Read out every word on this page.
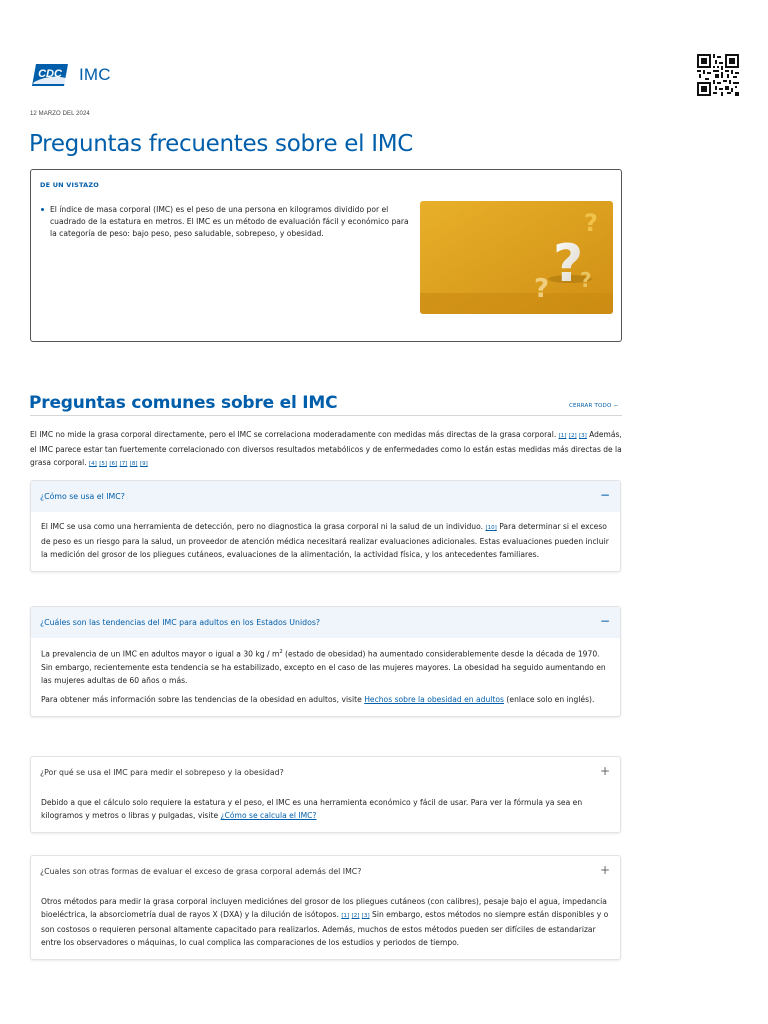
CDC IMC
12 MARZO DEL 2024
Preguntas frecuentes sobre el IMC
DE UN VISTAZO
El índice de masa corporal (IMC) es el peso de una persona en kilogramos dividido por el cuadrado de la estatura en metros. El IMC es un método de evaluación fácil y económico para la categoría de peso: bajo peso, peso saludable, sobrepeso, y obesidad.
?
? ?
?
Preguntas comunes sobre el IMC	CERRAR TODO −

El IMC no mide la grasa corporal directamente, pero el IMC se correlaciona moderadamente con medidas más directas de la grasa corporal. [1] [2] [3] Además, el IMC parece estar tan fuertemente correlacionado con diversos resultados metabólicos y de enfermedades como lo están estas medidas más directas de la grasa corporal. [4] [5] [6] [7] [8] [9]

¿Cómo se usa el IMC?	−

El IMC se usa como una herramienta de detección, pero no diagnostica la grasa corporal ni la salud de un individuo. [10] Para determinar si el exceso de peso es un riesgo para la salud, un proveedor de atención médica necesitará realizar evaluaciones adicionales. Estas evaluaciones pueden incluir la medición del grosor de los pliegues cutáneos, evaluaciones de la alimentación, la actividad física, y los antecedentes familiares.

¿Cuáles son las tendencias del IMC para adultos en los Estados Unidos?	−

La prevalencia de un IMC en adultos mayor o igual a 30 kg / $m^2$ (estado de obesidad) ha aumentado considerablemente desde la década de 1970. Sin embargo, recientemente esta tendencia se ha estabilizado, excepto en el caso de las mujeres mayores. La obesidad ha seguido aumentando en las mujeres adultas de 60 años o más.

Para obtener más información sobre las tendencias de la obesidad en adultos, visite Hechos sobre la obesidad en adultos (enlace solo en inglés).

¿Por qué se usa el IMC para medir el sobrepeso y la obesidad?	+

Debido a que el cálculo solo requiere la estatura y el peso, el IMC es una herramienta económico y fácil de usar. Para ver la fórmula ya sea en kilogramos y metros o libras y pulgadas, visite ¿Cómo se calcula el IMC?

¿Cuales son otras formas de evaluar el exceso de grasa corporal además del IMC?	+

Otros métodos para medir la grasa corporal incluyen mediciónes del grosor de los pliegues cutáneos (con calibres), pesaje bajo el agua, impedancia bioeléctrica, la absorciometría dual de rayos X (DXA) y la dilución de isótopos. [1] [2] [3] Sin embargo, estos métodos no siempre están disponibles y o son costosos o requieren personal altamente capacitado para realizarlos. Además, muchos de estos métodos pueden ser difíciles de estandarizar entre los observadores o máquinas, lo cual complica las comparaciones de los estudios y periodos de tiempo.
